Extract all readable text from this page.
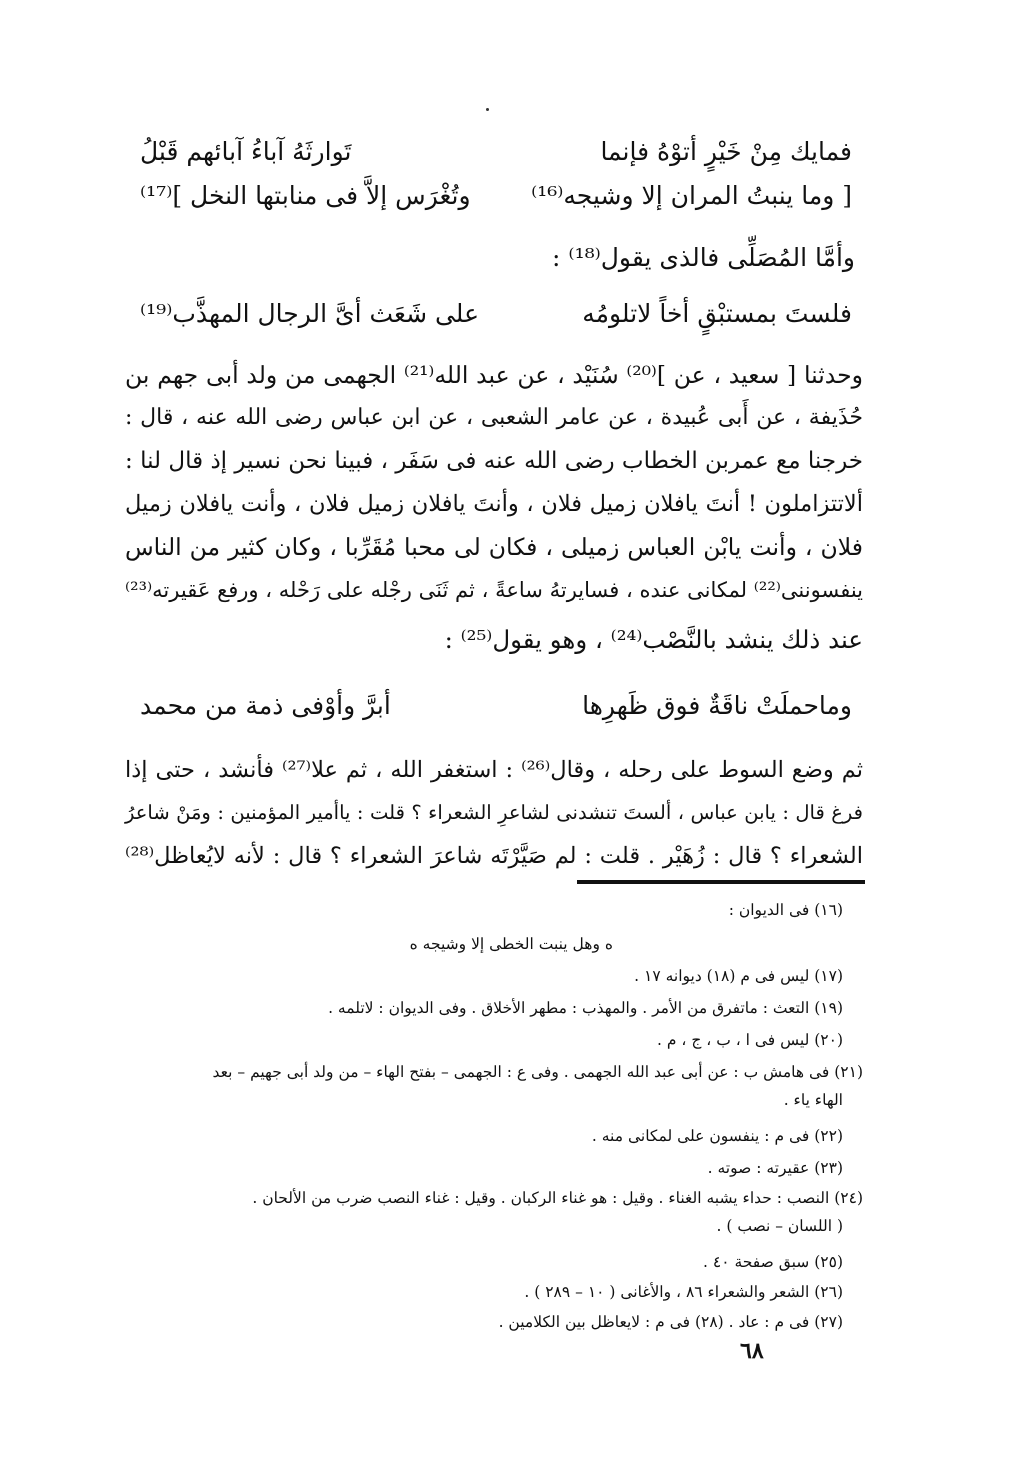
فمايك مِنْ خَيْرٍ أتوْهُ فإنما
تَوارثَهُ آباءُ آبائهم قَبْلُ
[ وما ينبتُ المران إلا وشيجه⁽¹⁶⁾
وتُغْرَس إلاَّ فى منابتها النخل ]⁽¹⁷⁾
وأمَّا المُصَلِّى فالذى يقول⁽¹⁸⁾ :
فلستَ بمستبْقٍ أخاً لاتلومُه
على شَعَث أىَّ الرجال المهذَّب⁽¹⁹⁾
وحدثنا [ سعيد ، عن ]⁽²⁰⁾ سُنَيْد ، عن عبد الله⁽²¹⁾ الجهمى من ولد أبى جهم بن
حُذَيفة ، عن أَبى عُبيدة ، عن عامر الشعبى ، عن ابن عباس رضى الله عنه ، قال :
خرجنا مع عمربن الخطاب رضى الله عنه فى سَفَر ، فبينا نحن نسير إذ قال لنا :
ألاتتزاملون ! أنتَ يافلان زميل فلان ، وأنتَ يافلان زميل فلان ، وأنت يافلان زميل
فلان ، وأنت يابْن العباس زميلى ، فكان لى محبا مُقَرِّبا ، وكان كثير من الناس
ينفسوننى⁽²²⁾ لمكانى عنده ، فسايرتهُ ساعةً ، ثم ثَنَى رجْله على رَحْله ، ورفع عَقيرته⁽²³⁾
عند ذلك ينشد بالنَّصْب⁽²⁴⁾ ، وهو يقول⁽²⁵⁾ :
وماحملَتْ ناقَةٌ فوق ظَهرِها
أبرَّ وأوْفى ذمة من محمد
ثم وضع السوط على رحله ، وقال⁽²⁶⁾ : استغفر الله ، ثم علا⁽²⁷⁾ فأنشد ، حتى إذا
فرغ قال : يابن عباس ، ألستَ تنشدنى لشاعرِ الشعراء ؟ قلت : ياأمير المؤمنين : ومَنْ شاعرُ
الشعراء ؟ قال : زُهَيْر . قلت : لم صَيَّرْتَه شاعرَ الشعراء ؟ قال : لأنه لايُعاظل⁽²⁸⁾
(١٦) فى الديوان :
ه وهل ينبت الخطى إلا وشيجه ه
(١٧) ليس فى م (١٨) ديوانه ١٧ .
(١٩) التعث : ماتفرق من الأمر . والمهذب : مطهر الأخلاق . وفى الديوان : لاتلمه .
(٢٠) ليس فى ا ، ب ، ج ، م .
(٢١) فى هامش ب : عن أبى عبد الله الجهمى . وفى ع : الجهمى – بفتح الهاء – من ولد أبى جهيم – بعد
الهاء ياء .
(٢٢) فى م : ينفسون على لمكانى منه .
(٢٣) عقيرته : صوته .
(٢٤) النصب : حداء يشبه الغناء . وقيل : هو غناء الركبان . وقيل : غناء النصب ضرب من الألحان .
( اللسان – نصب ) .
(٢٥) سبق صفحة ٤٠ .
(٢٦) الشعر والشعراء ٨٦ ، والأغانى ( ١٠ – ٢٨٩ ) .
(٢٧) فى م : عاد . (٢٨) فى م : لايعاظل بين الكلامين .
٦٨
